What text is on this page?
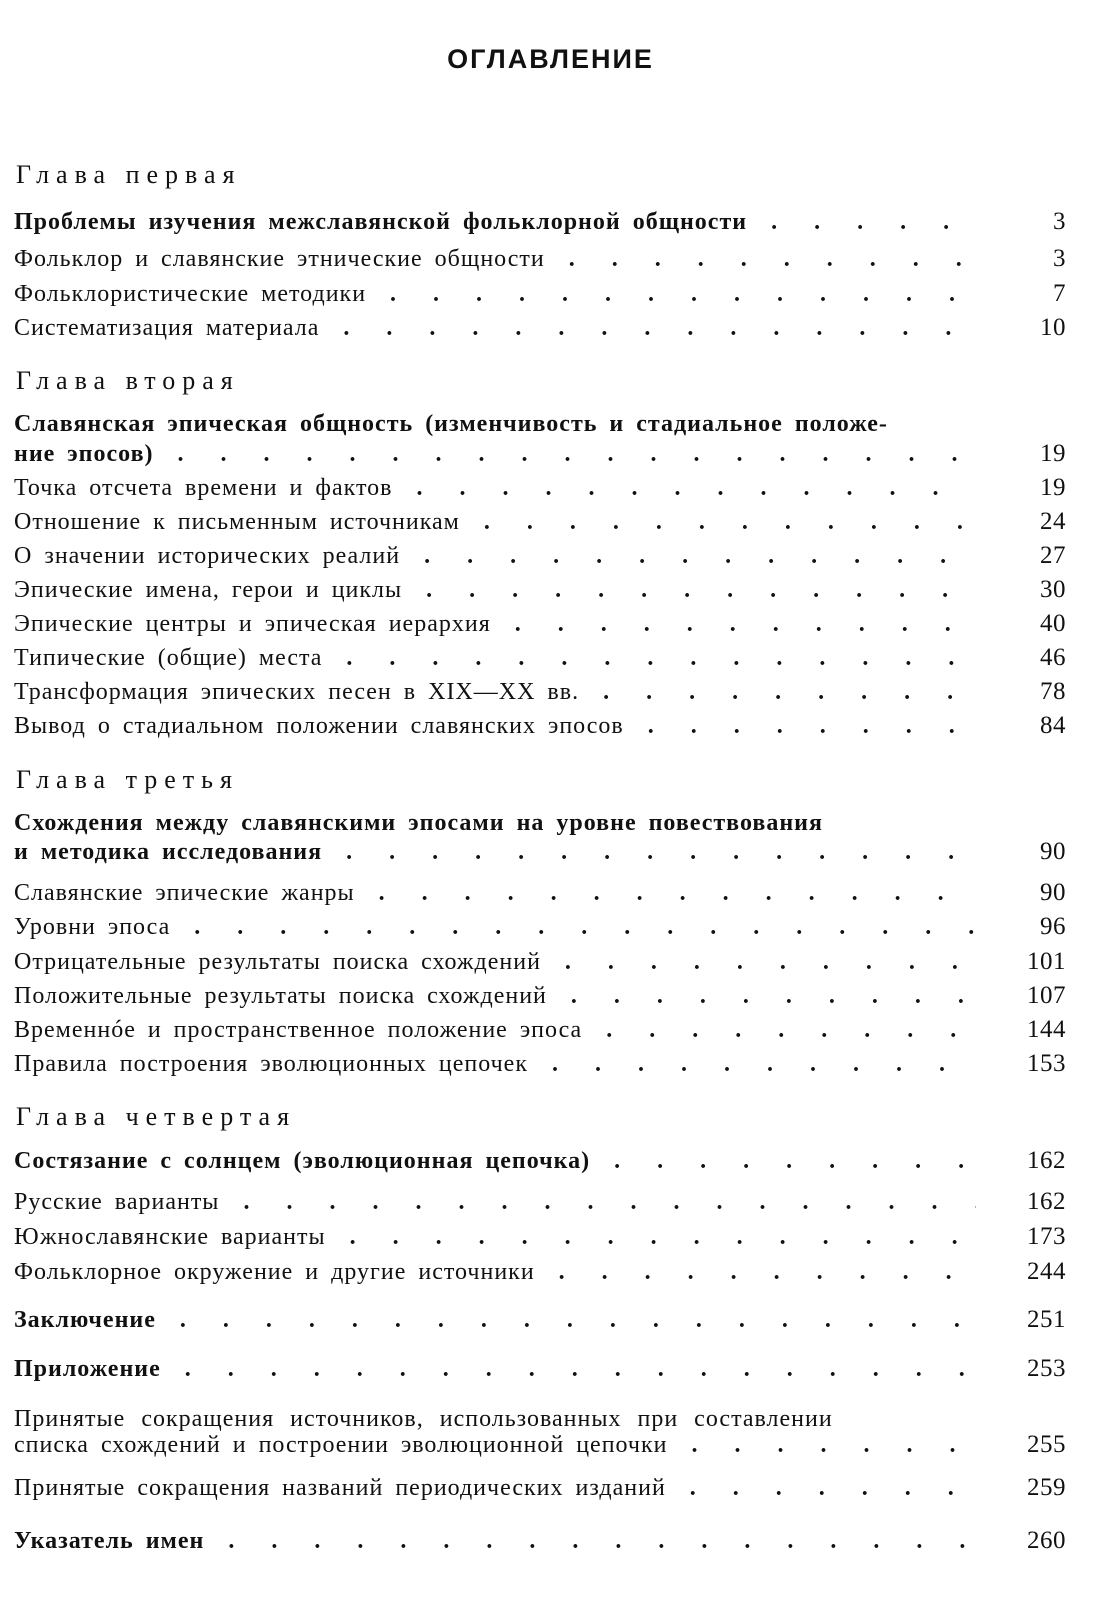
ОГЛАВЛЕНИЕ
Глава первая
Проблемы изучения межславянской фольклорной общности . . .	3
Фольклор и славянские этнические общности . . .	3
Фольклористические методики . . .	7
Систематизация материала . . .	10
Глава вторая
Славянская эпическая общность (изменчивость и стадиальное положе-
ние эпосов) . . .	19
Точка отсчета времени и фактов . . .	19
Отношение к письменным источникам . . .	24
О значении исторических реалий . . .	27
Эпические имена, герои и циклы . . .	30
Эпические центры и эпическая иерархия . . .	40
Типические (общие) места . . .	46
Трансформация эпических песен в XIX—XX вв. . . .	78
Вывод о стадиальном положении славянских эпосов . . .	84
Глава третья
Схождения между славянскими эпосами на уровне повествования
и методика исследования . . .	90
Славянские эпические жанры . . .	90
Уровни эпоса . . .	96
Отрицательные результаты поиска схождений . . .	101
Положительные результаты поиска схождений . . .	107
Временнóе и пространственное положение эпоса . . .	144
Правила построения эволюционных цепочек . . .	153
Глава четвертая
Состязание с солнцем (эволюционная цепочка) . . .	162
Русские варианты . . .	162
Южнославянские варианты . . .	173
Фольклорное окружение и другие источники . . .	244
Заключение . . .	251
Приложение . . .	253
Принятые сокращения источников, использованных при составлении
списка схождений и построении эволюционной цепочки . . .	255
Принятые сокращения названий периодических изданий . . .	259
Указатель имен . . .	260
